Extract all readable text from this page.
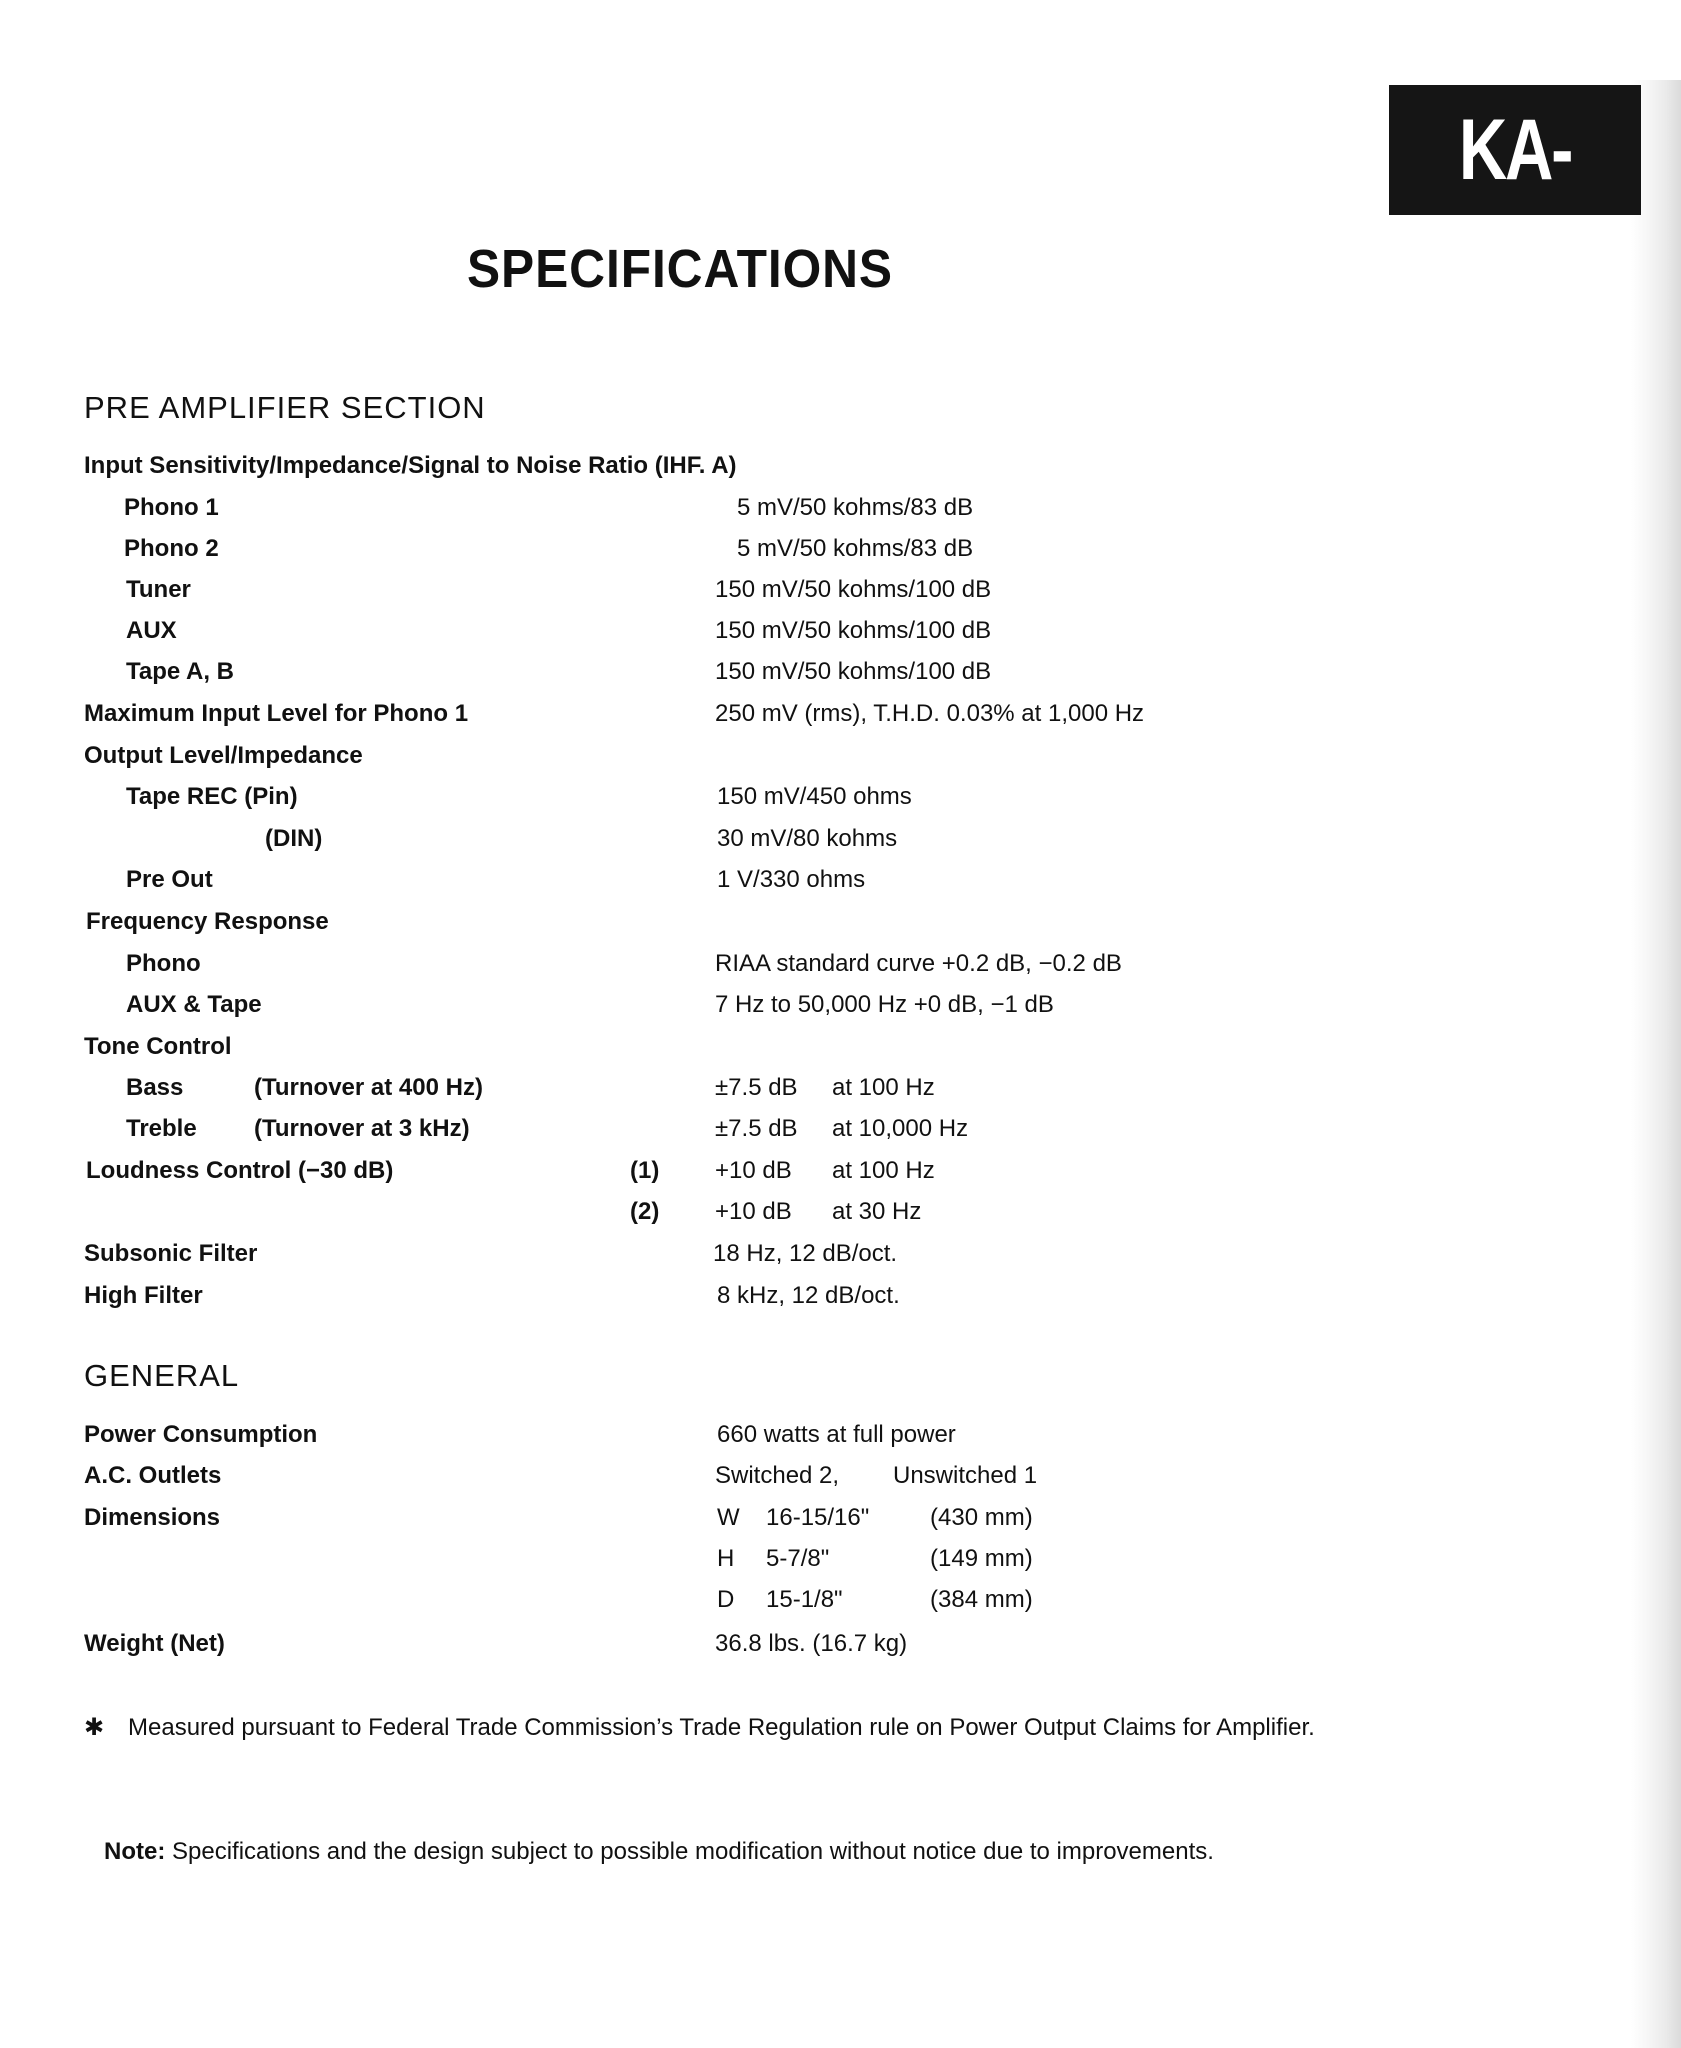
KA-9100
SPECIFICATIONS
PRE AMPLIFIER SECTION
Input Sensitivity/Impedance/Signal to Noise Ratio (IHF. A)
Phono 1	5 mV/50 kohms/83 dB
Phono 2	5 mV/50 kohms/83 dB
Tuner	150 mV/50 kohms/100 dB
AUX	150 mV/50 kohms/100 dB
Tape A, B	150 mV/50 kohms/100 dB
Maximum Input Level for Phono 1	250 mV (rms), T.H.D. 0.03% at 1,000 Hz
Output Level/Impedance
Tape REC (Pin)	150 mV/450 ohms
(DIN)	30 mV/80 kohms
Pre Out	1 V/330 ohms
Frequency Response
Phono	RIAA standard curve +0.2 dB, −0.2 dB
AUX & Tape	7 Hz to 50,000 Hz +0 dB, −1 dB
Tone Control
Bass	(Turnover at 400 Hz)	±7.5 dB at 100 Hz
Treble (Turnover at 3 kHz)	±7.5 dB at 10,000 Hz
Loudness Control (−30 dB)	(1) +10 dB at 100 Hz
(2) +10 dB at 30 Hz
Subsonic Filter	18 Hz, 12 dB/oct.
High Filter	8 kHz, 12 dB/oct.
GENERAL
Power Consumption	660 watts at full power
A.C. Outlets	Switched 2, Unswitched 1
Dimensions	W 16-15/16"	(430 mm)
H 5-7/8"	(149 mm)
D 15-1/8"	(384 mm)
Weight (Net)	36.8 lbs. (16.7 kg)
✱ Measured pursuant to Federal Trade Commission’s Trade Regulation rule on Power Output Claims for Amplifier.
Note: Specifications and the design subject to possible modification without notice due to improvements.
